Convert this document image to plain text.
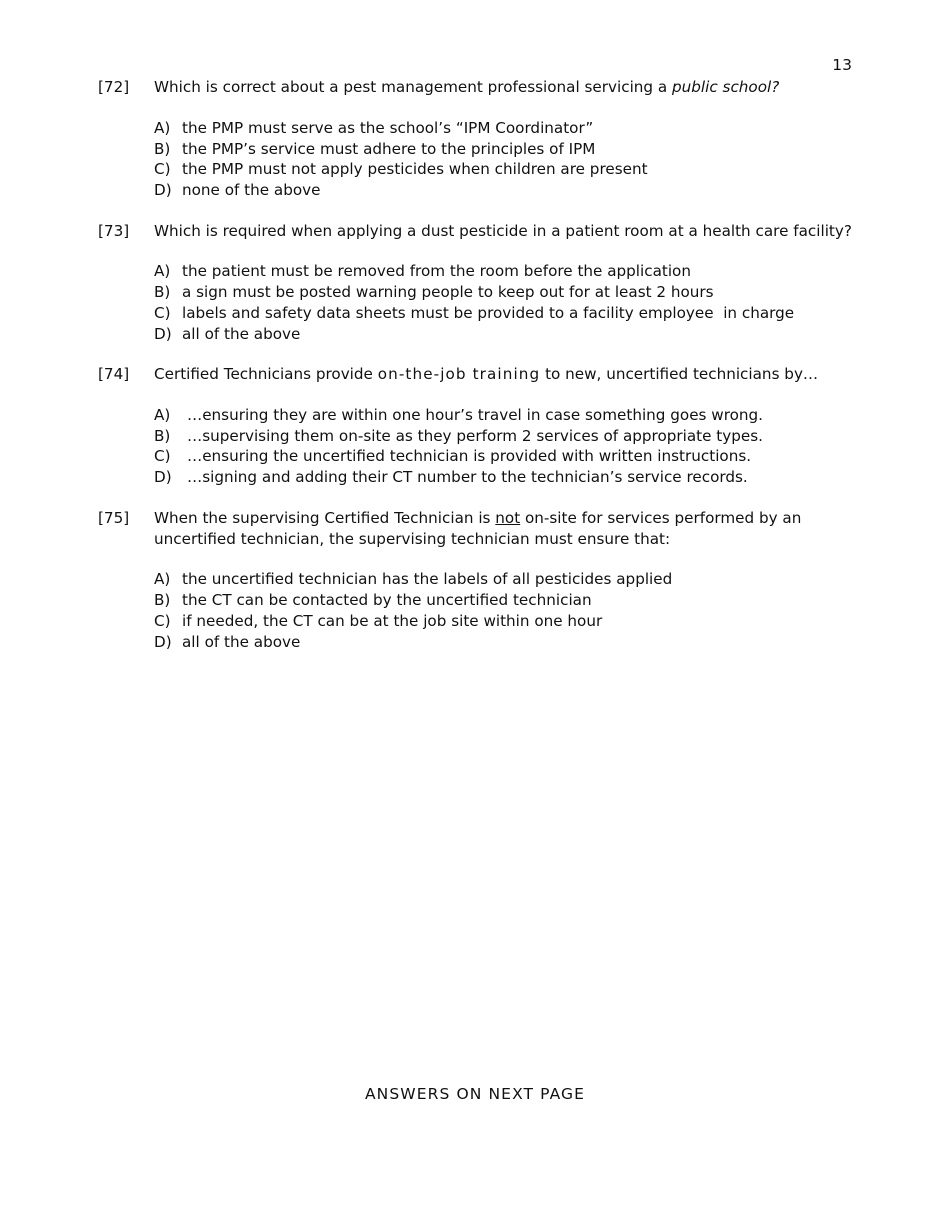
13
[72]	Which is correct about a pest management professional servicing a public school?

A) the PMP must serve as the school’s “IPM Coordinator”
B) the PMP’s service must adhere to the principles of IPM
C) the PMP must not apply pesticides when children are present
D) none of the above
[73]	Which is required when applying a dust pesticide in a patient room at a health care facility?

A) the patient must be removed from the room before the application
B) a sign must be posted warning people to keep out for at least 2 hours
C) labels and safety data sheets must be provided to a facility employee  in charge
D) all of the above
[74]	Certified Technicians provide on-the-job training to new, uncertified technicians by…

A)	…ensuring they are within one hour’s travel in case something goes wrong.
B)	…supervising them on-site as they perform 2 services of appropriate types.
C)	…ensuring the uncertified technician is provided with written instructions.
D)	…signing and adding their CT number to the technician’s service records.
[75]	When the supervising Certified Technician is not on-site for services performed by an uncertified technician, the supervising technician must ensure that:

A) the uncertified technician has the labels of all pesticides applied
B) the CT can be contacted by the uncertified technician
C) if needed, the CT can be at the job site within one hour
D) all of the above
ANSWERS ON NEXT PAGE
